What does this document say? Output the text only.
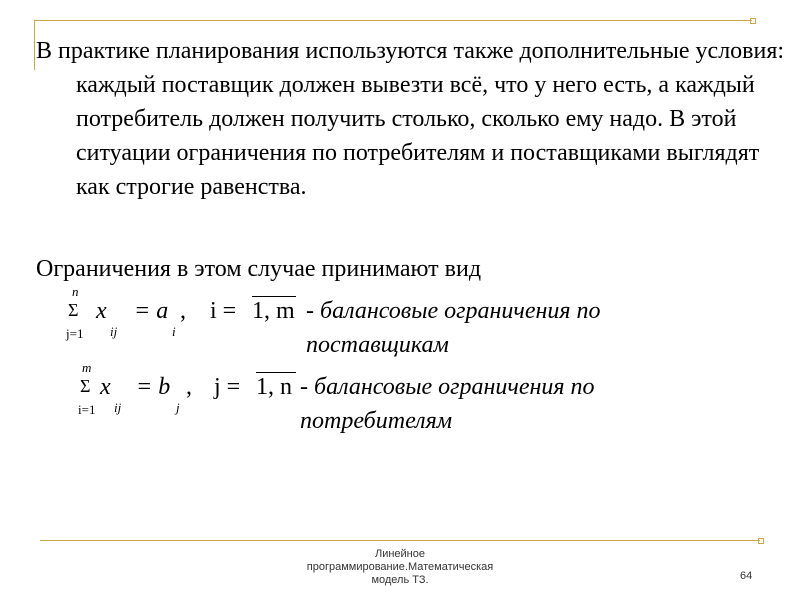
В практике планирования используются также дополнительные условия: каждый поставщик должен вывезти всё, что у него есть, а каждый потребитель должен получить столько, сколько ему надо. В этой ситуации ограничения по потребителям и поставщиками выглядят как строгие равенства.
Ограничения в этом случае принимают вид
n
Σ
j=1
x
ij
= a
i
, i = 1, m - балансовые ограничения по поставщикам
m
Σ
i=1
x
ij
= b
j
, j = 1, n - балансовые ограничения по потребителям
Линейное программирование.Математическая модель ТЗ.	64
